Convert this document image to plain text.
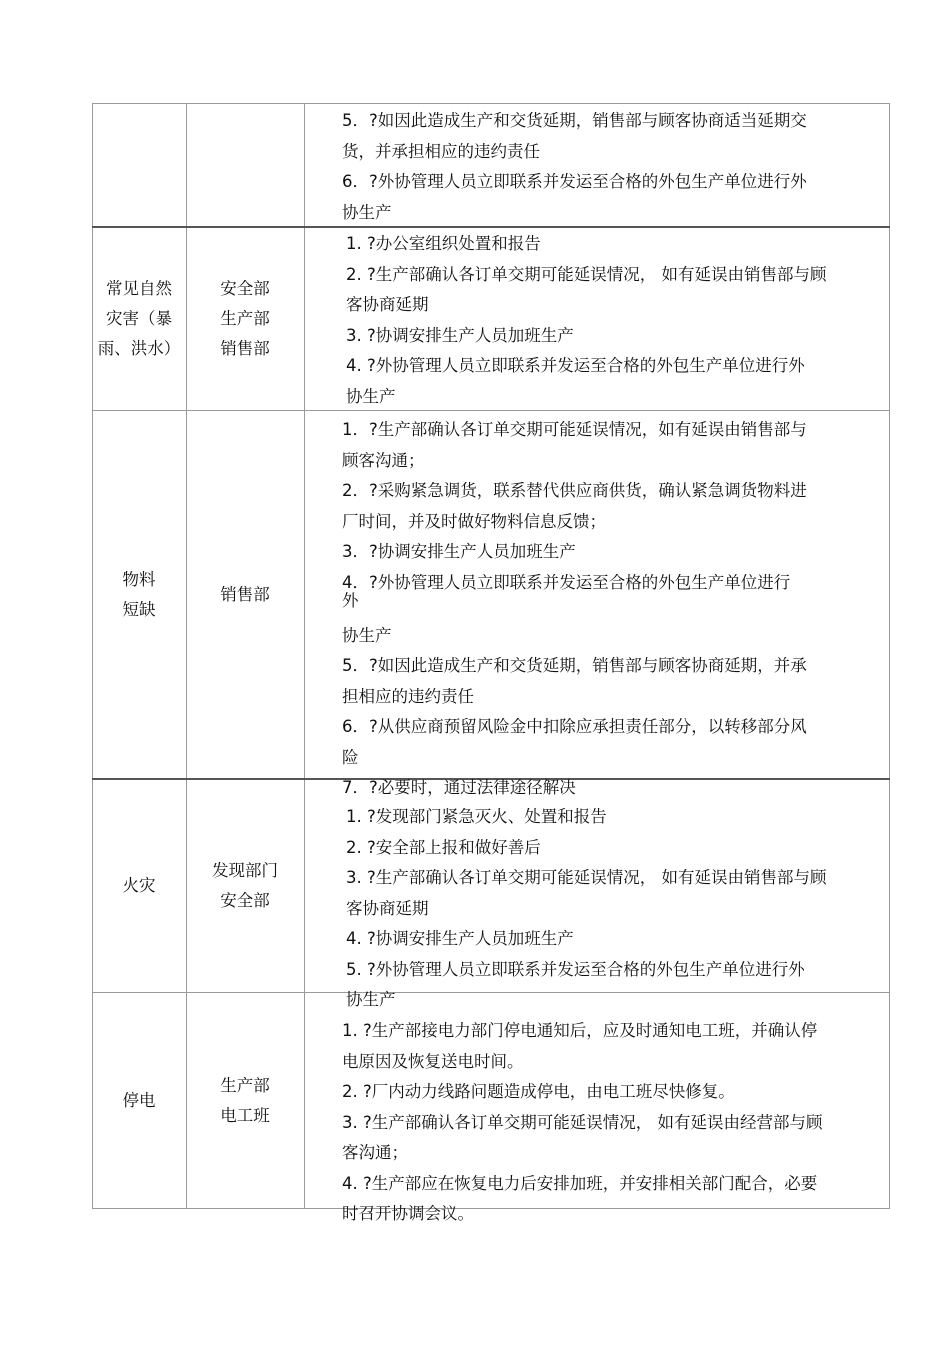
5．?如因此造成生产和交货延期，销售部与顾客协商适当延期交
货，并承担相应的违约责任
6．?外协管理人员立即联系并发运至合格的外包生产单位进行外
协生产
常见自然
灾害（暴
雨、洪水）
安全部
生产部
销售部
1. ?办公室组织处置和报告
2. ?生产部确认各订单交期可能延误情况， 如有延误由销售部与顾
客协商延期
3. ?协调安排生产人员加班生产
4. ?外协管理人员立即联系并发运至合格的外包生产单位进行外
协生产
物料
短缺
销售部
1．?生产部确认各订单交期可能延误情况，如有延误由销售部与
顾客沟通；
2．?采购紧急调货，联系替代供应商供货，确认紧急调货物料进
厂时间，并及时做好物料信息反馈；
3．?协调安排生产人员加班生产
4．?外协管理人员立即联系并发运至合格的外包生产单位进行
外
协生产
5．?如因此造成生产和交货延期，销售部与顾客协商延期，并承
担相应的违约责任
6．?从供应商预留风险金中扣除应承担责任部分，以转移部分风
险
7．?必要时，通过法律途径解决
火灾
发现部门
安全部
1. ?发现部门紧急灭火、处置和报告
2. ?安全部上报和做好善后
3. ?生产部确认各订单交期可能延误情况， 如有延误由销售部与顾
客协商延期
4. ?协调安排生产人员加班生产
5. ?外协管理人员立即联系并发运至合格的外包生产单位进行外
协生产
停电
生产部
电工班
1. ?生产部接电力部门停电通知后，应及时通知电工班，并确认停
电原因及恢复送电时间。
2. ?厂内动力线路问题造成停电，由电工班尽快修复。
3. ?生产部确认各订单交期可能延误情况， 如有延误由经营部与顾
客沟通；
4. ?生产部应在恢复电力后安排加班，并安排相关部门配合，必要
时召开协调会议。
